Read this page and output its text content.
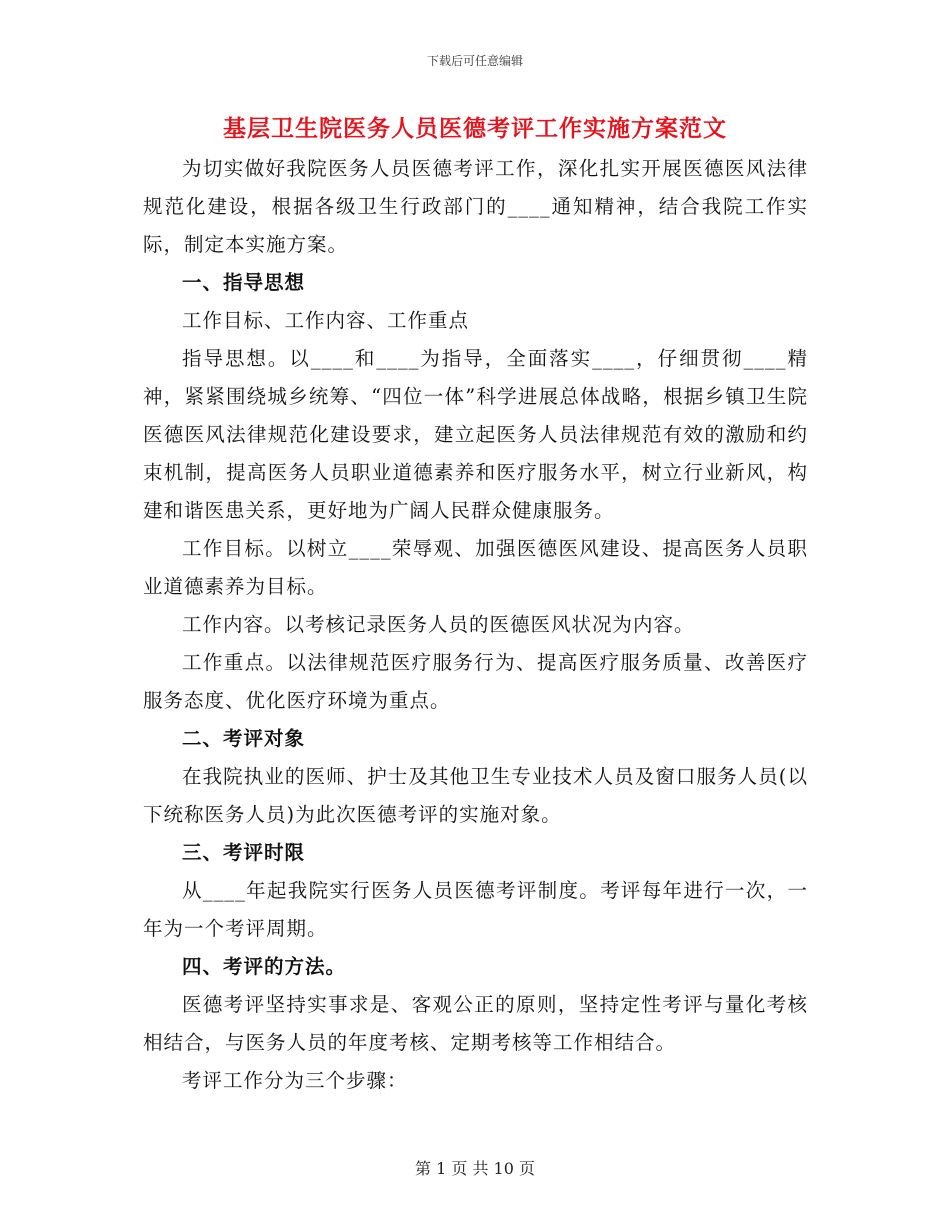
下载后可任意编辑
基层卫生院医务人员医德考评工作实施方案范文

为切实做好我院医务人员医德考评工作，深化扎实开展医德医风法律规范化建设，根据各级卫生行政部门的____通知精神，结合我院工作实际，制定本实施方案。

一、指导思想

工作目标、工作内容、工作重点

指导思想。以____和____为指导，全面落实____，仔细贯彻____精神，紧紧围绕城乡统筹、“四位一体”科学进展总体战略，根据乡镇卫生院医德医风法律规范化建设要求，建立起医务人员法律规范有效的激励和约束机制，提高医务人员职业道德素养和医疗服务水平，树立行业新风，构建和谐医患关系，更好地为广阔人民群众健康服务。

工作目标。以树立____荣辱观、加强医德医风建设、提高医务人员职业道德素养为目标。

工作内容。以考核记录医务人员的医德医风状况为内容。

工作重点。以法律规范医疗服务行为、提高医疗服务质量、改善医疗服务态度、优化医疗环境为重点。

二、考评对象

在我院执业的医师、护士及其他卫生专业技术人员及窗口服务人员(以下统称医务人员)为此次医德考评的实施对象。

三、考评时限

从____年起我院实行医务人员医德考评制度。考评每年进行一次，一年为一个考评周期。

四、考评的方法。

医德考评坚持实事求是、客观公正的原则，坚持定性考评与量化考核相结合，与医务人员的年度考核、定期考核等工作相结合。

考评工作分为三个步骤：

第 1 页 共 10 页
